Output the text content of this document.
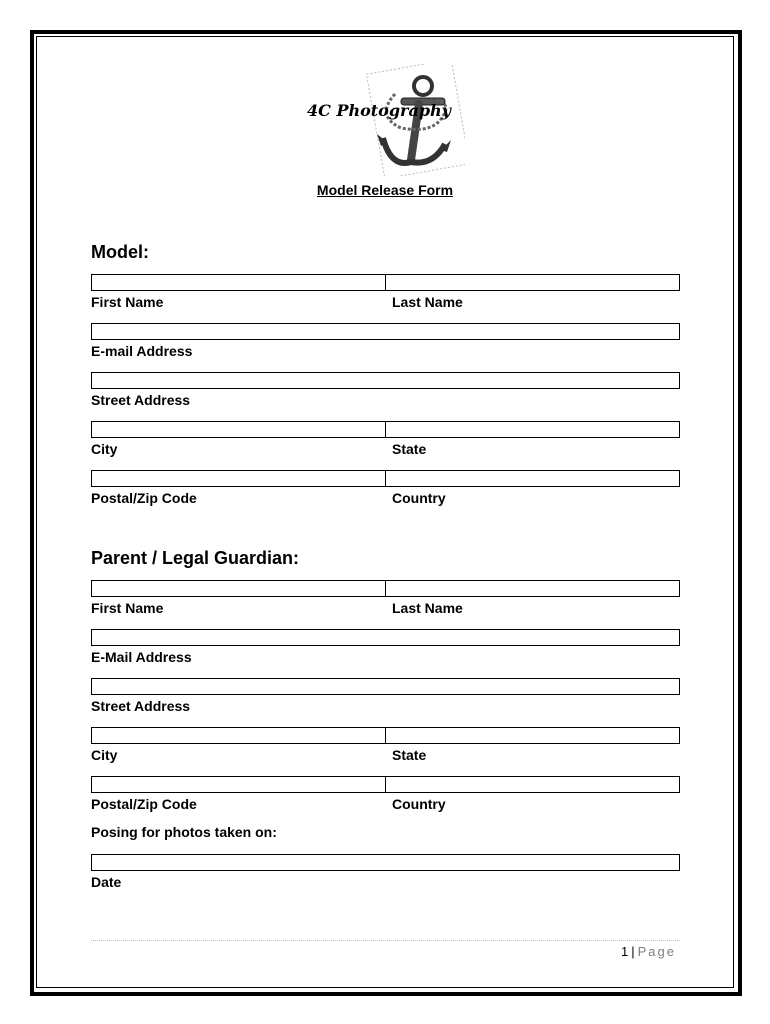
4C Photography
Model Release Form
Model:
First Name	Last Name
E-mail Address
Street Address
City	State
Postal/Zip Code	Country
Parent / Legal Guardian:
First Name	Last Name
E-Mail Address
Street Address
City	State
Postal/Zip Code	Country
Posing for photos taken on:
Date
1 | Page
